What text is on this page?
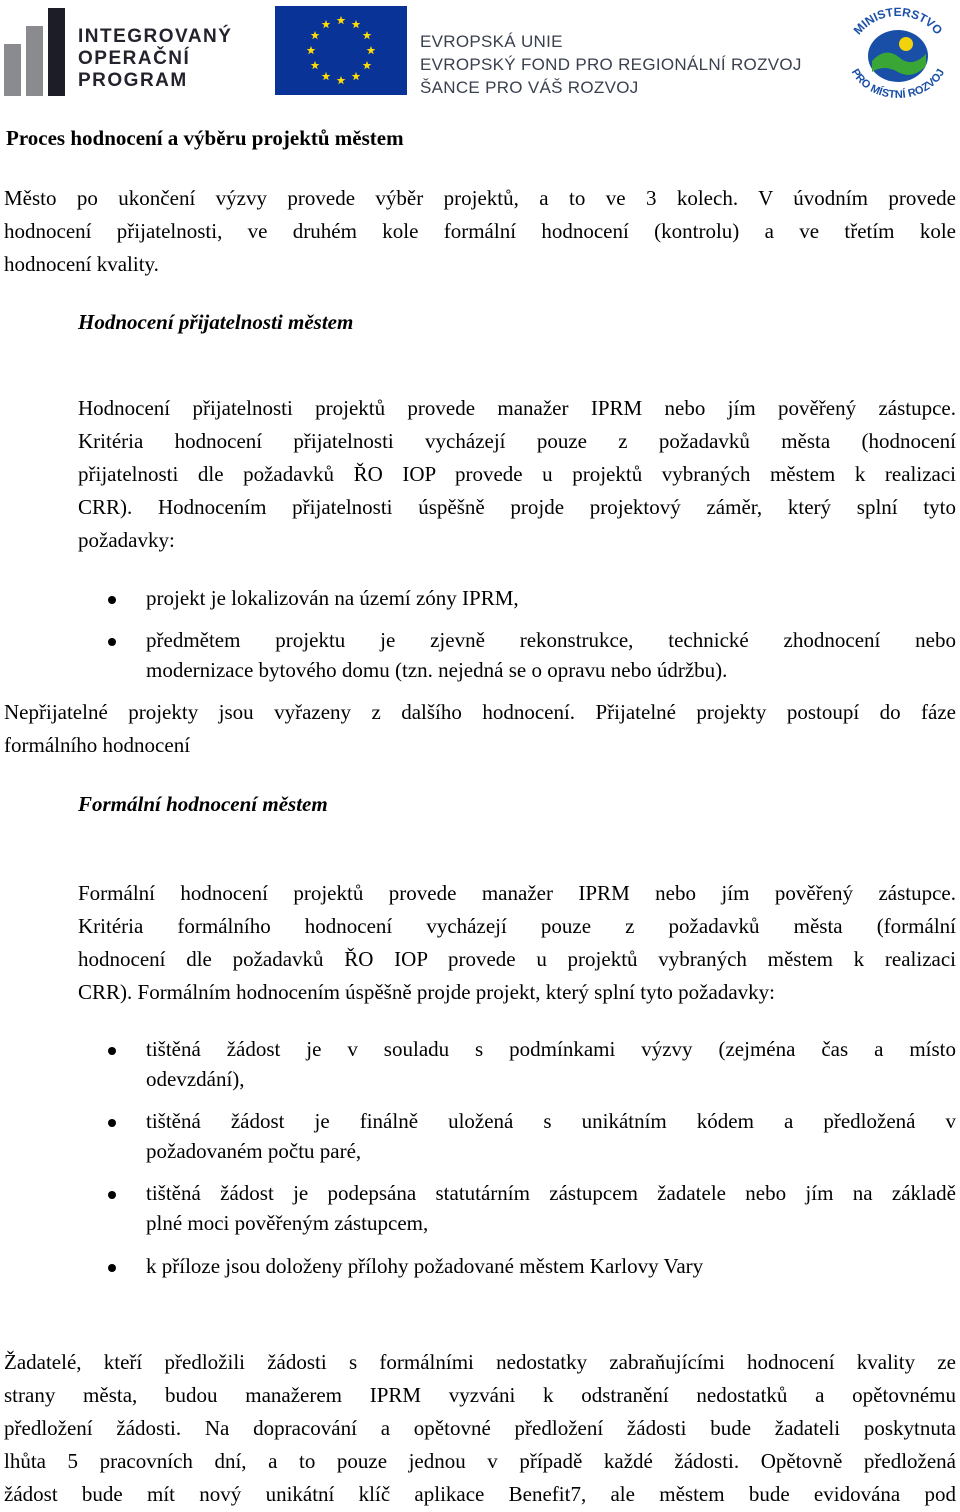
INTEGROVANÝ
OPERAČNÍ
PROGRAM
EVROPSKÁ UNIE
EVROPSKÝ FOND PRO REGIONÁLNÍ ROZVOJ
ŠANCE PRO VÁŠ ROZVOJ
MINISTERSTVO
PRO MÍSTNÍ ROZVOJ
Proces hodnocení a výběru projektů městem
Město po ukončení výzvy provede výběr projektů, a to ve 3 kolech. V úvodním provede
hodnocení přijatelnosti, ve druhém kole formální hodnocení (kontrolu) a ve třetím kole
hodnocení kvality.
Hodnocení přijatelnosti městem
Hodnocení přijatelnosti projektů provede manažer IPRM nebo jím pověřený zástupce.
Kritéria hodnocení přijatelnosti vycházejí pouze z požadavků města (hodnocení
přijatelnosti dle požadavků ŘO IOP provede u projektů vybraných městem k realizaci
CRR). Hodnocením přijatelnosti úspěšně projde projektový záměr, který splní tyto
požadavky:
projekt je lokalizován na území zóny IPRM,
předmětem projektu je zjevně rekonstrukce, technické zhodnocení nebo
modernizace bytového domu (tzn. nejedná se o opravu nebo údržbu).
Nepřijatelné projekty jsou vyřazeny z dalšího hodnocení. Přijatelné projekty postoupí do fáze
formálního hodnocení
Formální hodnocení městem
Formální hodnocení projektů provede manažer IPRM nebo jím pověřený zástupce.
Kritéria formálního hodnocení vycházejí pouze z požadavků města (formální
hodnocení dle požadavků ŘO IOP provede u projektů vybraných městem k realizaci
CRR). Formálním hodnocením úspěšně projde projekt, který splní tyto požadavky:
tištěná žádost je v souladu s podmínkami výzvy (zejména čas a místo
odevzdání),
tištěná žádost je finálně uložená s unikátním kódem a předložená v
požadovaném počtu paré,
tištěná žádost je podepsána statutárním zástupcem žadatele nebo jím na základě
plné moci pověřeným zástupcem,
k příloze jsou doloženy přílohy požadované městem Karlovy Vary
Žadatelé, kteří předložili žádosti s formálními nedostatky zabraňujícími hodnocení kvality ze
strany města, budou manažerem IPRM vyzváni k odstranění nedostatků a opětovnému
předložení žádosti. Na dopracování a opětovné předložení žádosti bude žadateli poskytnuta
lhůta 5 pracovních dní, a to pouze jednou v případě každé žádosti. Opětovně předložená
žádost bude mít nový unikátní klíč aplikace Benefit7, ale městem bude evidována pod
